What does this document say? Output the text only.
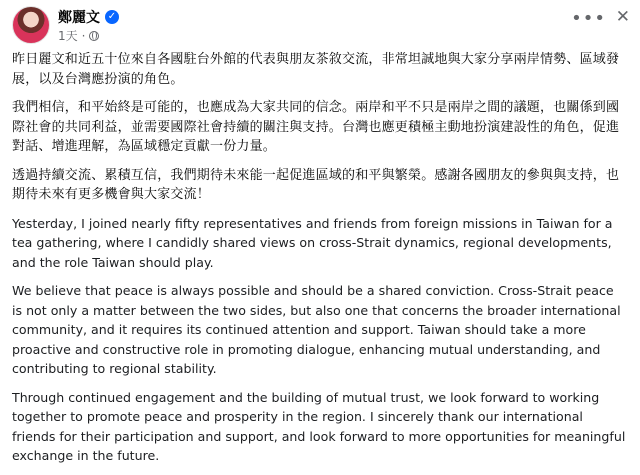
鄭麗文 ✓
1天 ·
••• ✕

昨日麗文和近五十位來自各國駐台外館的代表與朋友茶敘交流，非常坦誠地與大家分享兩岸情勢、區域發展，以及台灣應扮演的角色。

我們相信，和平始終是可能的，也應成為大家共同的信念。兩岸和平不只是兩岸之間的議題，也關係到國際社會的共同利益，並需要國際社會持續的關注與支持。台灣也應更積極主動地扮演建設性的角色，促進對話、增進理解，為區域穩定貢獻一份力量。

透過持續交流、累積互信，我們期待未來能一起促進區域的和平與繁榮。感謝各國朋友的參與與支持，也期待未來有更多機會與大家交流！

Yesterday, I joined nearly fifty representatives and friends from foreign missions in Taiwan for a tea gathering, where I candidly shared views on cross-Strait dynamics, regional developments, and the role Taiwan should play.

We believe that peace is always possible and should be a shared conviction. Cross-Strait peace is not only a matter between the two sides, but also one that concerns the broader international community, and it requires its continued attention and support. Taiwan should take a more proactive and constructive role in promoting dialogue, enhancing mutual understanding, and contributing to regional stability.

Through continued engagement and the building of mutual trust, we look forward to working together to promote peace and prosperity in the region. I sincerely thank our international friends for their participation and support, and look forward to more opportunities for meaningful exchange in the future.
